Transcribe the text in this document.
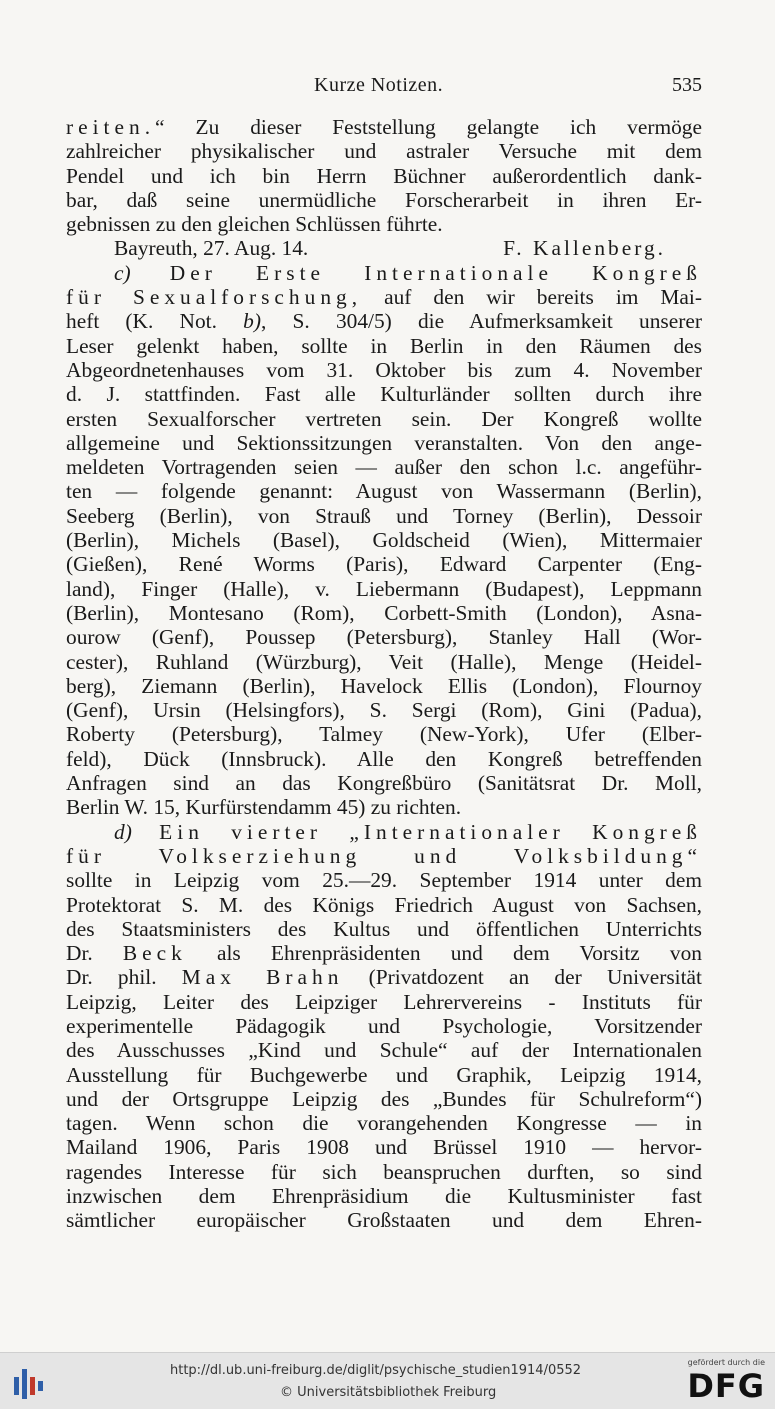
Kurze Notizen.	535
reiten.“ Zu dieser Feststellung gelangte ich vermöge
zahlreicher physikalischer und astraler Versuche mit dem
Pendel und ich bin Herrn Büchner außerordentlich dank-
bar, daß seine unermüdliche Forscherarbeit in ihren Er-
gebnissen zu den gleichen Schlüssen führte.
Bayreuth, 27. Aug. 14.	F. Kallenberg.
c) Der Erste Internationale Kongreß
für Sexualforschung, auf den wir bereits im Mai-
heft (K. Not. b), S. 304/5) die Aufmerksamkeit unserer
Leser gelenkt haben, sollte in Berlin in den Räumen des
Abgeordnetenhauses vom 31. Oktober bis zum 4. November
d. J. stattfinden. Fast alle Kulturländer sollten durch ihre
ersten Sexualforscher vertreten sein. Der Kongreß wollte
allgemeine und Sektionssitzungen veranstalten. Von den ange-
meldeten Vortragenden seien — außer den schon l.c. angeführ-
ten — folgende genannt: August von Wassermann (Berlin),
Seeberg (Berlin), von Strauß und Torney (Berlin), Dessoir
(Berlin), Michels (Basel), Goldscheid (Wien), Mittermaier
(Gießen), René Worms (Paris), Edward Carpenter (Eng-
land), Finger (Halle), v. Liebermann (Budapest), Leppmann
(Berlin), Montesano (Rom), Corbett-Smith (London), Asna-
ourow (Genf), Poussep (Petersburg), Stanley Hall (Wor-
cester), Ruhland (Würzburg), Veit (Halle), Menge (Heidel-
berg), Ziemann (Berlin), Havelock Ellis (London), Flournoy
(Genf), Ursin (Helsingfors), S. Sergi (Rom), Gini (Padua),
Roberty (Petersburg), Talmey (New-York), Ufer (Elber-
feld), Dück (Innsbruck). Alle den Kongreß betreffenden
Anfragen sind an das Kongreßbüro (Sanitätsrat Dr. Moll,
Berlin W. 15, Kurfürstendamm 45) zu richten.
d) Ein vierter „Internationaler Kongreß
für Volkserziehung und Volksbildung“
sollte in Leipzig vom 25.—29. September 1914 unter dem
Protektorat S. M. des Königs Friedrich August von Sachsen,
des Staatsministers des Kultus und öffentlichen Unterrichts
Dr. Beck als Ehrenpräsidenten und dem Vorsitz von
Dr. phil. Max Brahn (Privatdozent an der Universität
Leipzig, Leiter des Leipziger Lehrervereins - Instituts für
experimentelle Pädagogik und Psychologie, Vorsitzender
des Ausschusses „Kind und Schule“ auf der Internationalen
Ausstellung für Buchgewerbe und Graphik, Leipzig 1914,
und der Ortsgruppe Leipzig des „Bundes für Schulreform“)
tagen. Wenn schon die vorangehenden Kongresse — in
Mailand 1906, Paris 1908 und Brüssel 1910 — hervor-
ragendes Interesse für sich beanspruchen durften, so sind
inzwischen dem Ehrenpräsidium die Kultusminister fast
sämtlicher europäischer Großstaaten und dem Ehren-
http://dl.ub.uni-freiburg.de/diglit/psychische_studien1914/0552
© Universitätsbibliothek Freiburg
gefördert durch die
DFG
